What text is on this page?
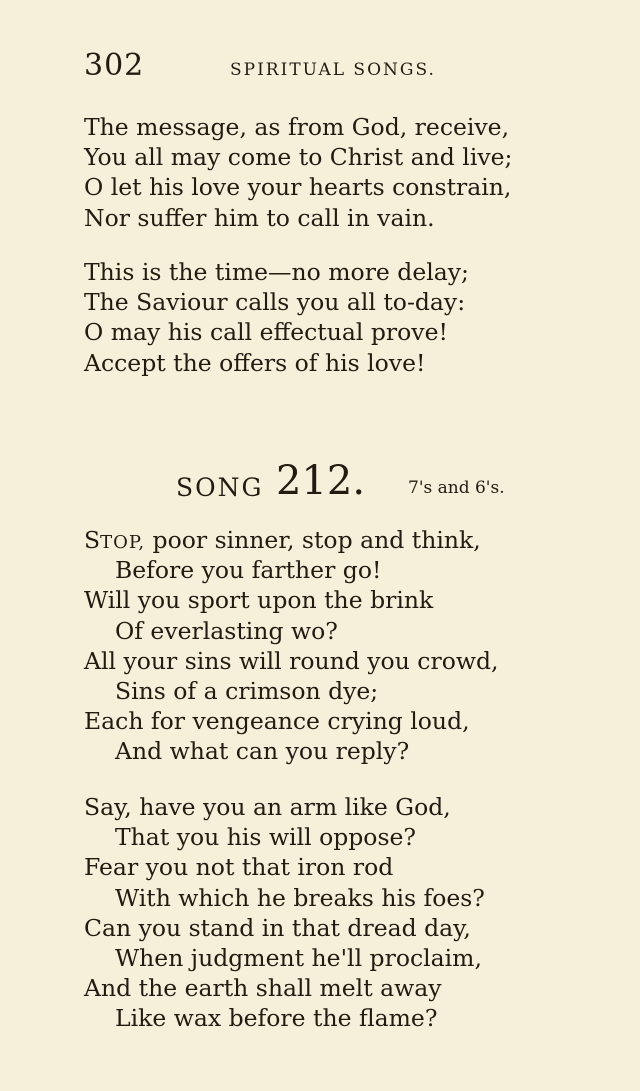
302	SPIRITUAL SONGS.
The message, as from God, receive,
You all may come to Christ and live;
O let his love your hearts constrain,
Nor suffer him to call in vain.
This is the time—no more delay;
The Saviour calls you all to-day:
O may his call effectual prove!
Accept the offers of his love!
SONG 212.	7's and 6's.
STOP, poor sinner, stop and think,
Before you farther go!
Will you sport upon the brink
Of everlasting wo?
All your sins will round you crowd,
Sins of a crimson dye;
Each for vengeance crying loud,
And what can you reply?
Say, have you an arm like God,
That you his will oppose?
Fear you not that iron rod
With which he breaks his foes?
Can you stand in that dread day,
When judgment he'll proclaim,
And the earth shall melt away
Like wax before the flame?
